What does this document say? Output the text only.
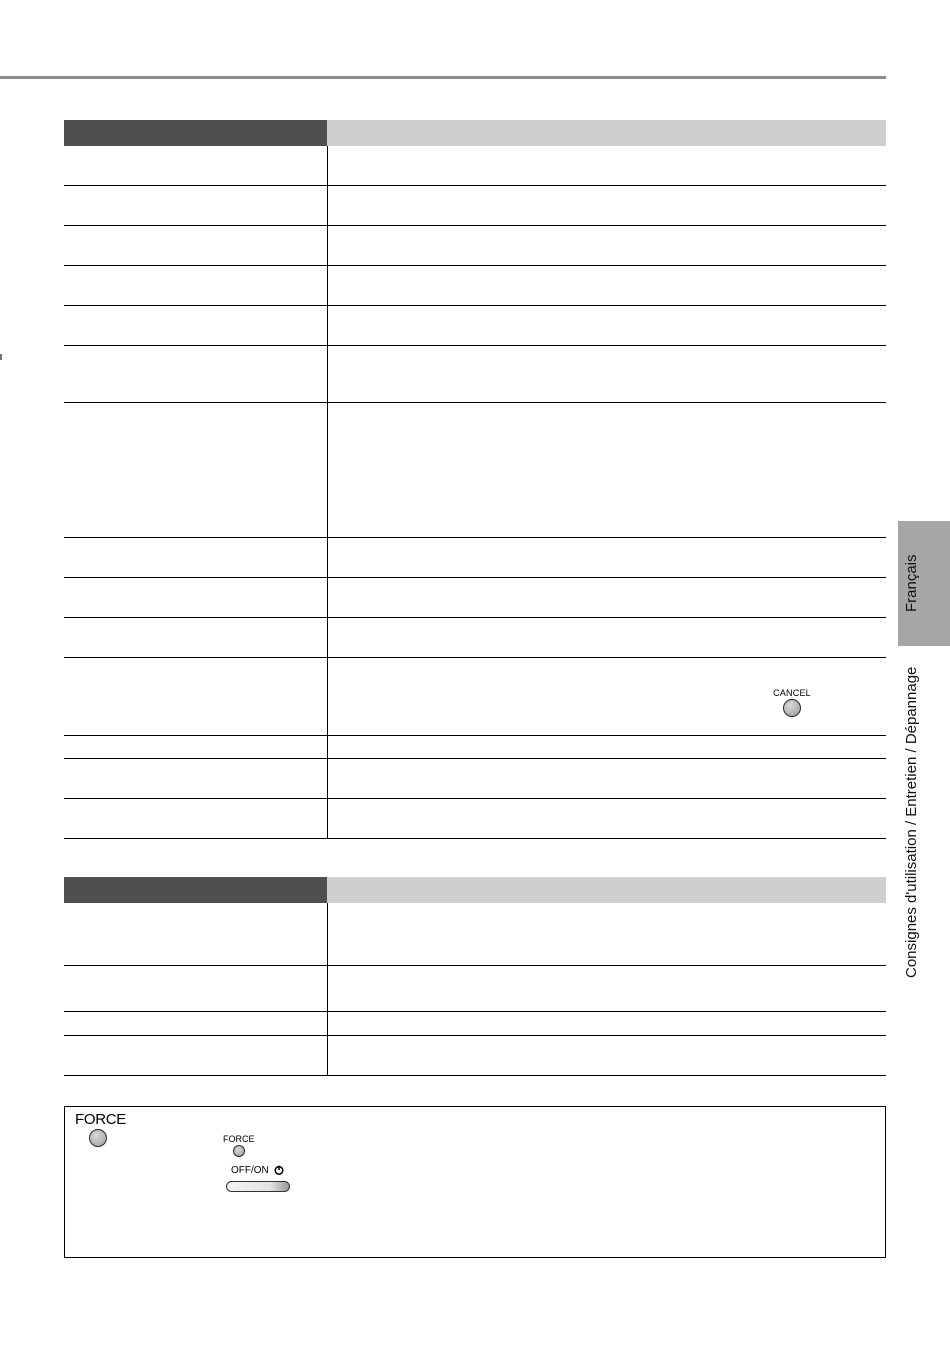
CANCEL
FORCE
FORCE
OFF/ON
Français
Consignes d'utilisation / Entretien / Dépannage
